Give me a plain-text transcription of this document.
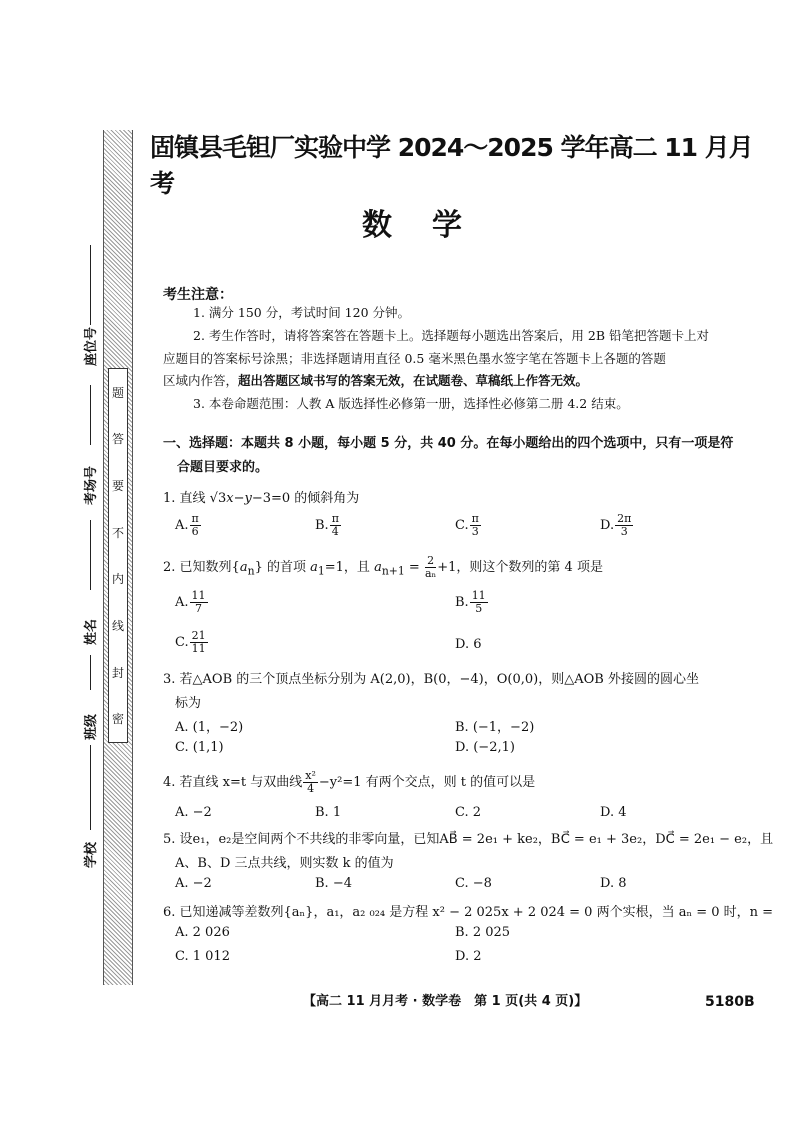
题
答
要
不
内
线
封
密
座位号
考场号
姓名
班级
学校
固镇县毛钽厂实验中学 2024～2025 学年高二 11 月月考
数学
考生注意：
1. 满分 150 分，考试时间 120 分钟。
2. 考生作答时，请将答案答在答题卡上。选择题每小题选出答案后，用 2B 铅笔把答题卡上对
应题目的答案标号涂黑；非选择题请用直径 0.5 毫米黑色墨水签字笔在答题卡上各题的答题
区域内作答，超出答题区域书写的答案无效，在试题卷、草稿纸上作答无效。
3. 本卷命题范围：人教 A 版选择性必修第一册，选择性必修第二册 4.2 结束。
一、选择题：本题共 8 小题，每小题 5 分，共 40 分。在每小题给出的四个选项中，只有一项是符
合题目要求的。
1. 直线 √3x−y−3=0 的倾斜角为
A. $\frac{\pi}{6}$	B. $\frac{\pi}{4}$	C. $\frac{\pi}{3}$	D. $\frac{2\pi}{3}$
2. 已知数列$\{a_n\}$ 的首项 $a_1=1$，且 $a_{n+1} = \frac{2}{\text{aₙ}} +1$，则这个数列的第 4 项是
A. $\frac{11}{7}$	B. $\frac{11}{5}$
C. $\frac{21}{11}$	D. 6
3. 若△AOB 的三个顶点坐标分别为 A(2,0)，B(0，−4)，O(0,0)，则△AOB 外接圆的圆心坐
标为
A. (1，−2)	B. (−1，−2)
C. (1,1)	D. (−2,1)
4. 若直线 x=t 与双曲线 $\frac{\text{x²}}{4} -y^2=1$ 有两个交点，则 t 的值可以是
A. −2	B. 1	C. 2	D. 4
5. 设e₁，e₂是空间两个不共线的非零向量，已知AB⃗ = 2e₁ + ke₂，BC⃗ = e₁ + 3e₂，DC⃗ = 2e₁ − e₂，且
A、B、D 三点共线，则实数 k 的值为
A. −2	B. −4	C. −8	D. 8
6. 已知递减等差数列{aₙ}，a₁，a₂ ₀₂₄ 是方程 x² − 2 025x + 2 024 = 0 两个实根，当 aₙ = 0 时，n =
A. 2 026	B. 2 025
C. 1 012	D. 2
【高二 11 月月考 · 数学卷　第 1 页(共 4 页)】	5180B
